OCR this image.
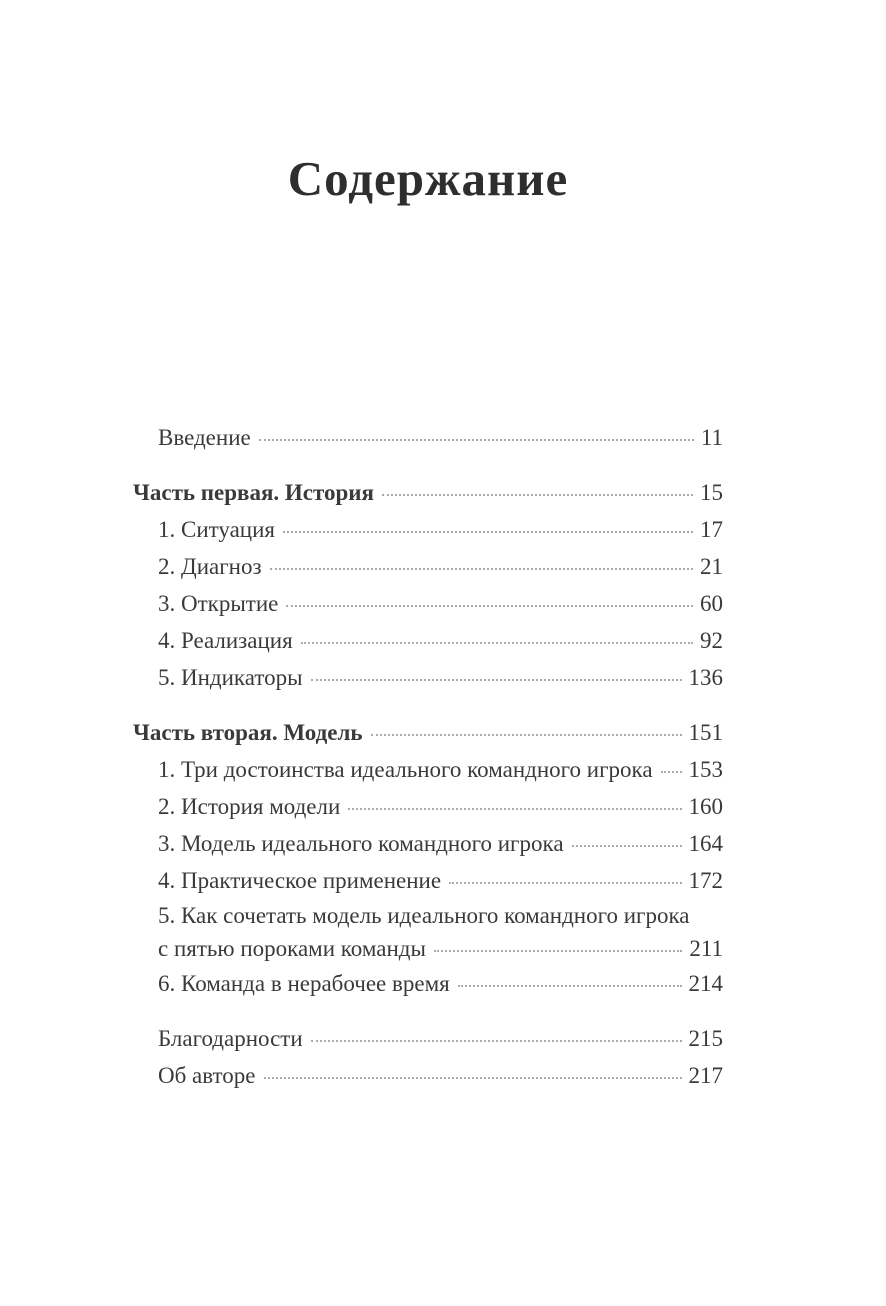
Содержание
Введение	11
Часть первая. История	15
1. Ситуация	17
2. Диагноз	21
3. Открытие	60
4. Реализация	92
5. Индикаторы	136
Часть вторая. Модель	151
1. Три достоинства идеального командного игрока 153
2. История модели	160
3. Модель идеального командного игрока	164
4. Практическое применение	172
5. Как сочетать модель идеального командного игрока
с пятью пороками команды	211
6. Команда в нерабочее время	214
Благодарности	215
Об авторе	217
